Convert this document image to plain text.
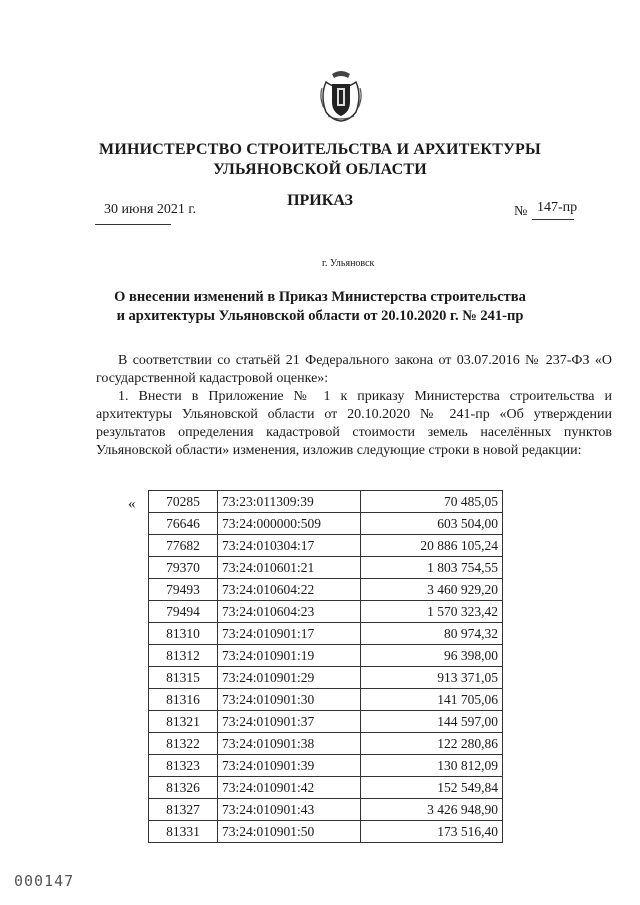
МИНИСТЕРСТВО СТРОИТЕЛЬСТВА И АРХИТЕКТУРЫ
УЛЬЯНОВСКОЙ ОБЛАСТИ
ПРИКАЗ
30 июня 2021 г.	№ 147-пр
г. Ульяновск
О внесении изменений в Приказ Министерства строительства
и архитектуры Ульяновской области от 20.10.2020 г. № 241-пр
В соответствии со статьёй 21 Федерального закона от 03.07.2016 № 237-ФЗ «О государственной кадастровой оценке»:
1. Внести в Приложение № 1 к приказу Министерства строительства и архитектуры Ульяновской области от 20.10.2020 № 241-пр «Об утверждении результатов определения кадастровой стоимости земель населённых пунктов Ульяновской области» изменения, изложив следующие строки в новой редакции:
« 70285	73:23:011309:39	70 485,05
76646	73:24:000000:509	603 504,00
77682	73:24:010304:17	20 886 105,24
79370	73:24:010601:21	1 803 754,55
79493	73:24:010604:22	3 460 929,20
79494	73:24:010604:23	1 570 323,42
81310	73:24:010901:17	80 974,32
81312	73:24:010901:19	96 398,00
81315	73:24:010901:29	913 371,05
81316	73:24:010901:30	141 705,06
81321	73:24:010901:37	144 597,00
81322	73:24:010901:38	122 280,86
81323	73:24:010901:39	130 812,09
81326	73:24:010901:42	152 549,84
81327	73:24:010901:43	3 426 948,90
81331	73:24:010901:50	173 516,40
000147
